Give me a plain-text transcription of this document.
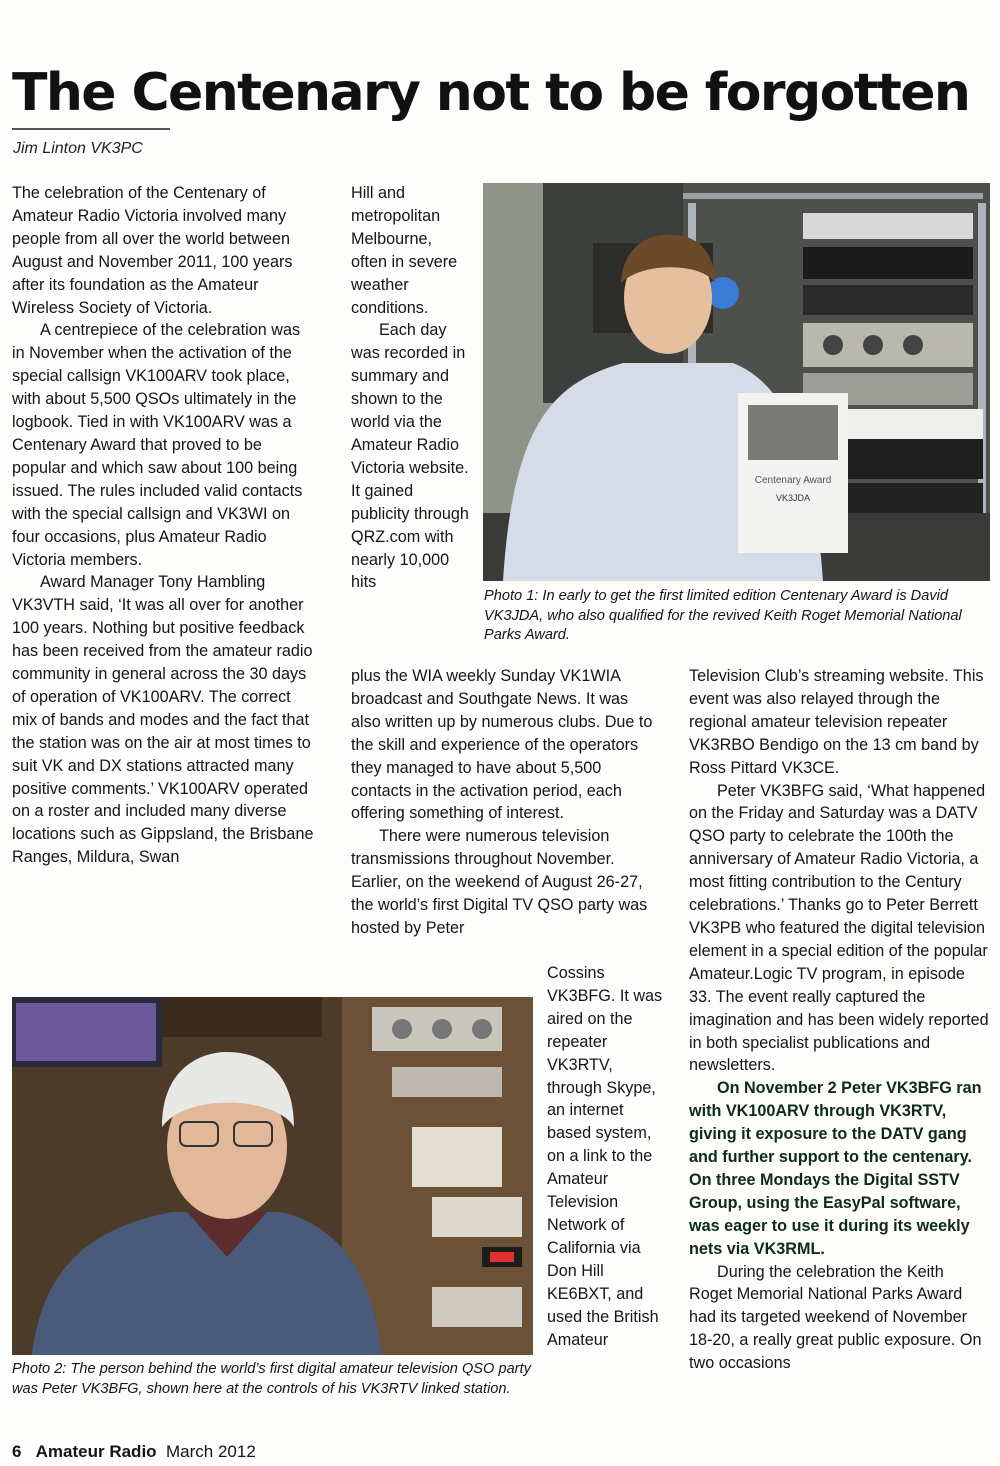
The Centenary not to be forgotten
Jim Linton VK3PC

The celebration of the Centenary of Amateur Radio Victoria involved many people from all over the world between August and November 2011, 100 years after its foundation as the Amateur Wireless Society of Victoria.

A centrepiece of the celebration was in November when the activation of the special callsign VK100ARV took place, with about 5,500 QSOs ultimately in the logbook. Tied in with VK100ARV was a Centenary Award that proved to be popular and which saw about 100 being issued. The rules included valid contacts with the special callsign and VK3WI on four occasions, plus Amateur Radio Victoria members.

Award Manager Tony Hambling VK3VTH said, ‘It was all over for another 100 years. Nothing but positive feedback has been received from the amateur radio community in general across the 30 days of operation of VK100ARV. The correct mix of bands and modes and the fact that the station was on the air at most times to suit VK and DX stations attracted many positive comments.’ VK100ARV operated on a roster and included many diverse locations such as Gippsland, the Brisbane Ranges, Mildura, Swan

Hill and metropolitan Melbourne, often in severe weather conditions.

Each day was recorded in summary and shown to the world via the Amateur Radio Victoria website. It gained publicity through QRZ.com with nearly 10,000 hits

Centenary Award
VK3JDA
Photo 1: In early to get the first limited edition Centenary Award is David VK3JDA, who also qualified for the revived Keith Roget Memorial National Parks Award.

plus the WIA weekly Sunday VK1WIA broadcast and Southgate News. It was also written up by numerous clubs. Due to the skill and experience of the operators they managed to have about 5,500 contacts in the activation period, each offering something of interest.

There were numerous television transmissions throughout November. Earlier, on the weekend of August 26-27, the world’s first Digital TV QSO party was hosted by Peter

Cossins VK3BFG. It was aired on the repeater VK3RTV, through Skype, an internet based system, on a link to the Amateur Television Network of California via Don Hill KE6BXT, and used the British Amateur

Television Club’s streaming website. This event was also relayed through the regional amateur television repeater VK3RBO Bendigo on the 13 cm band by Ross Pittard VK3CE.

Peter VK3BFG said, ‘What happened on the Friday and Saturday was a DATV QSO party to celebrate the 100th the anniversary of Amateur Radio Victoria, a most fitting contribution to the Century celebrations.’ Thanks go to Peter Berrett VK3PB who featured the digital television element in a special edition of the popular Amateur.Logic TV program, in episode 33. The event really captured the imagination and has been widely reported in both specialist publications and newsletters.

On November 2 Peter VK3BFG ran with VK100ARV through VK3RTV, giving it exposure to the DATV gang and further support to the centenary. On three Mondays the Digital SSTV Group, using the EasyPal software, was eager to use it during its weekly nets via VK3RML.

During the celebration the Keith Roget Memorial National Parks Award had its targeted weekend of November 18-20, a really great public exposure. On two occasions

Photo 2: The person behind the world’s first digital amateur television QSO party was Peter VK3BFG, shown here at the controls of his VK3RTV linked station.
6 Amateur Radio March 2012
